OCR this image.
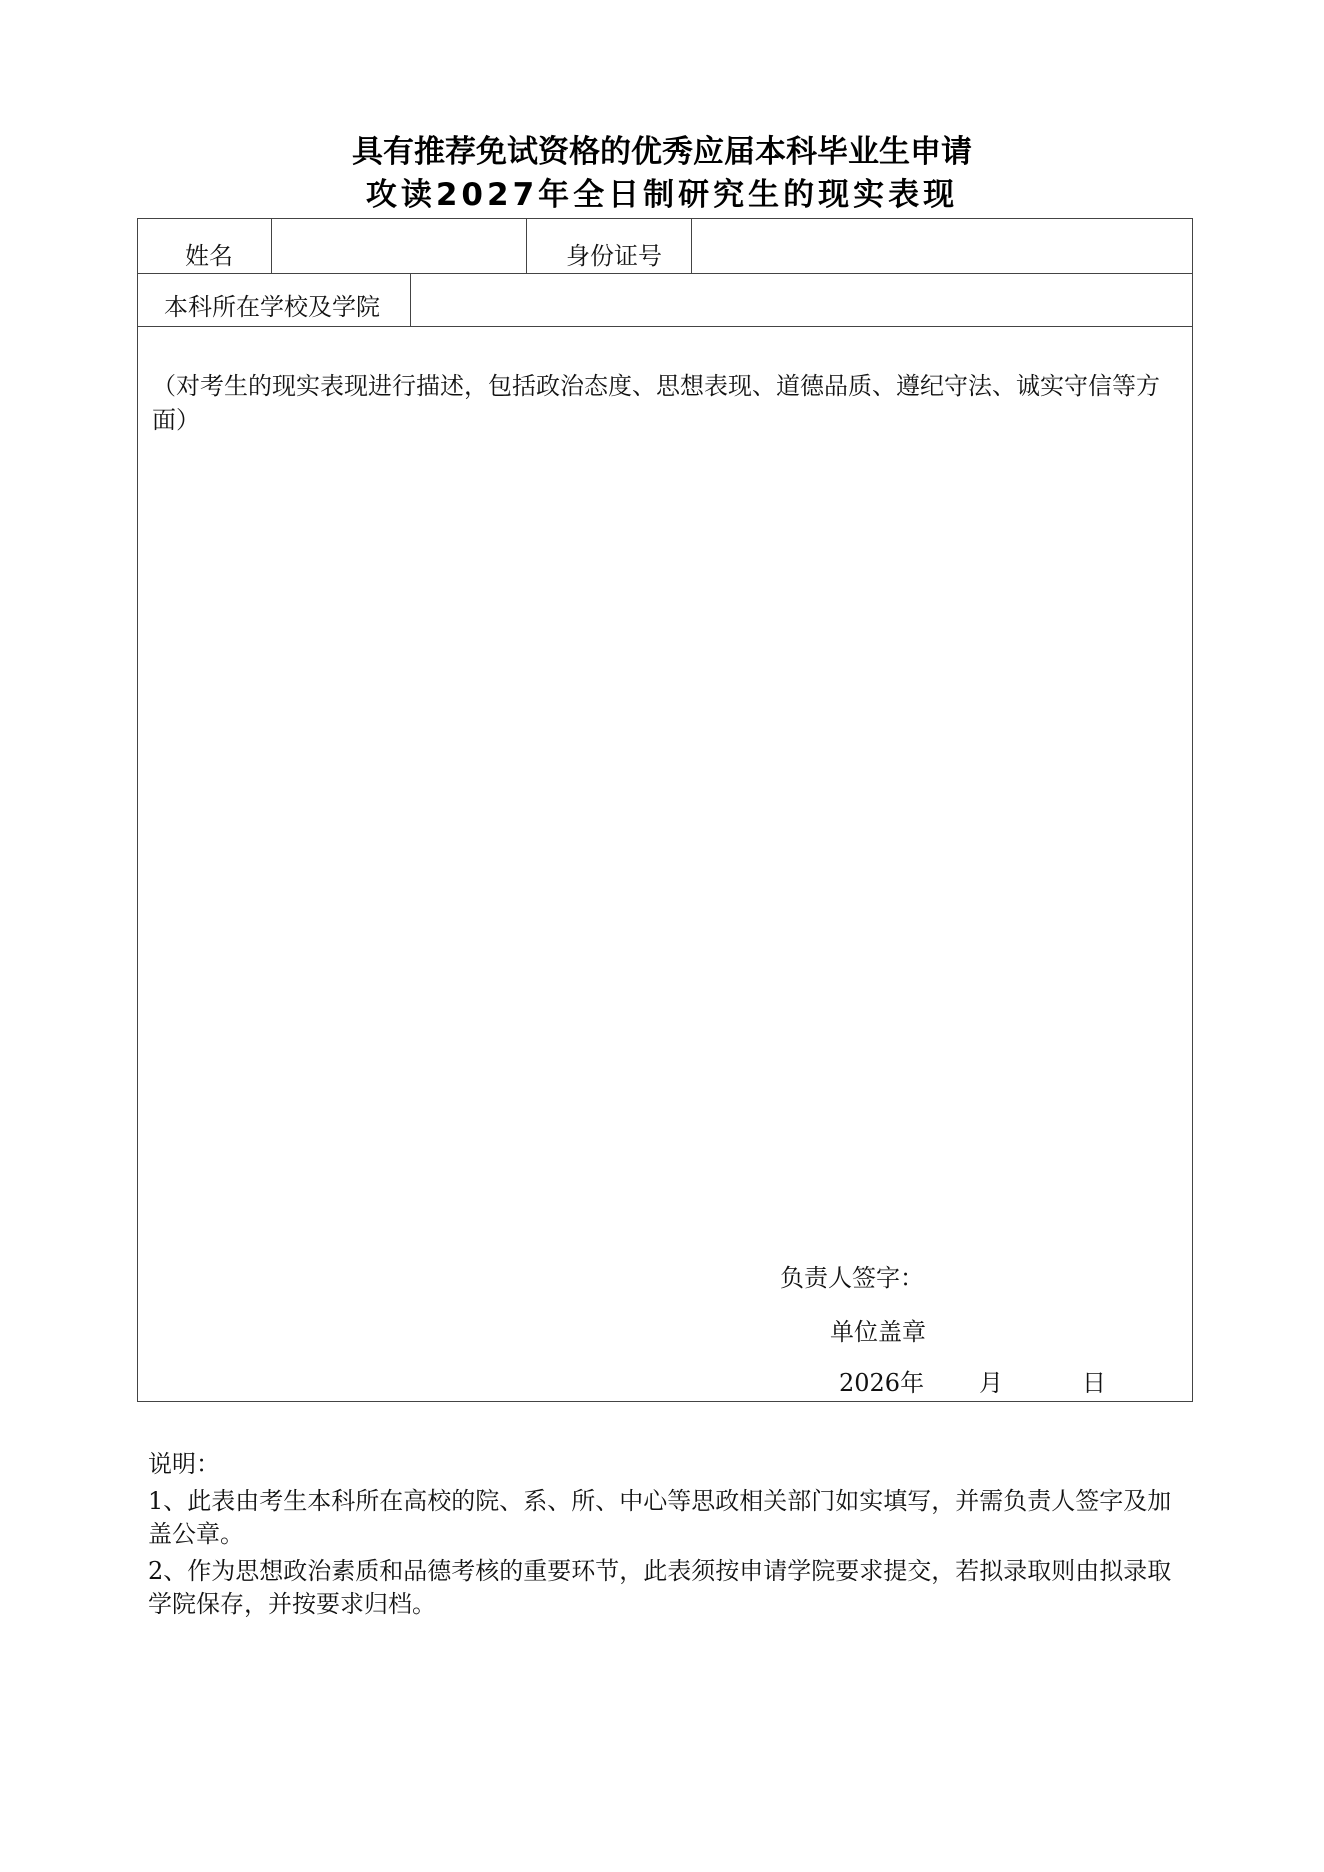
具有推荐免试资格的优秀应届本科毕业生申请
攻读2027年全日制研究生的现实表现
姓名	身份证号
本科所在学校及学院
（对考生的现实表现进行描述，包括政治态度、思想表现、道德品质、遵纪守法、诚实守信等方面）
负责人签字：
单位盖章
2026年 月	日

说明：

1、此表由考生本科所在高校的院、系、所、中心等思政相关部门如实填写，并需负责人签字及加盖公章。

2、作为思想政治素质和品德考核的重要环节，此表须按申请学院要求提交，若拟录取则由拟录取学院保存，并按要求归档。
